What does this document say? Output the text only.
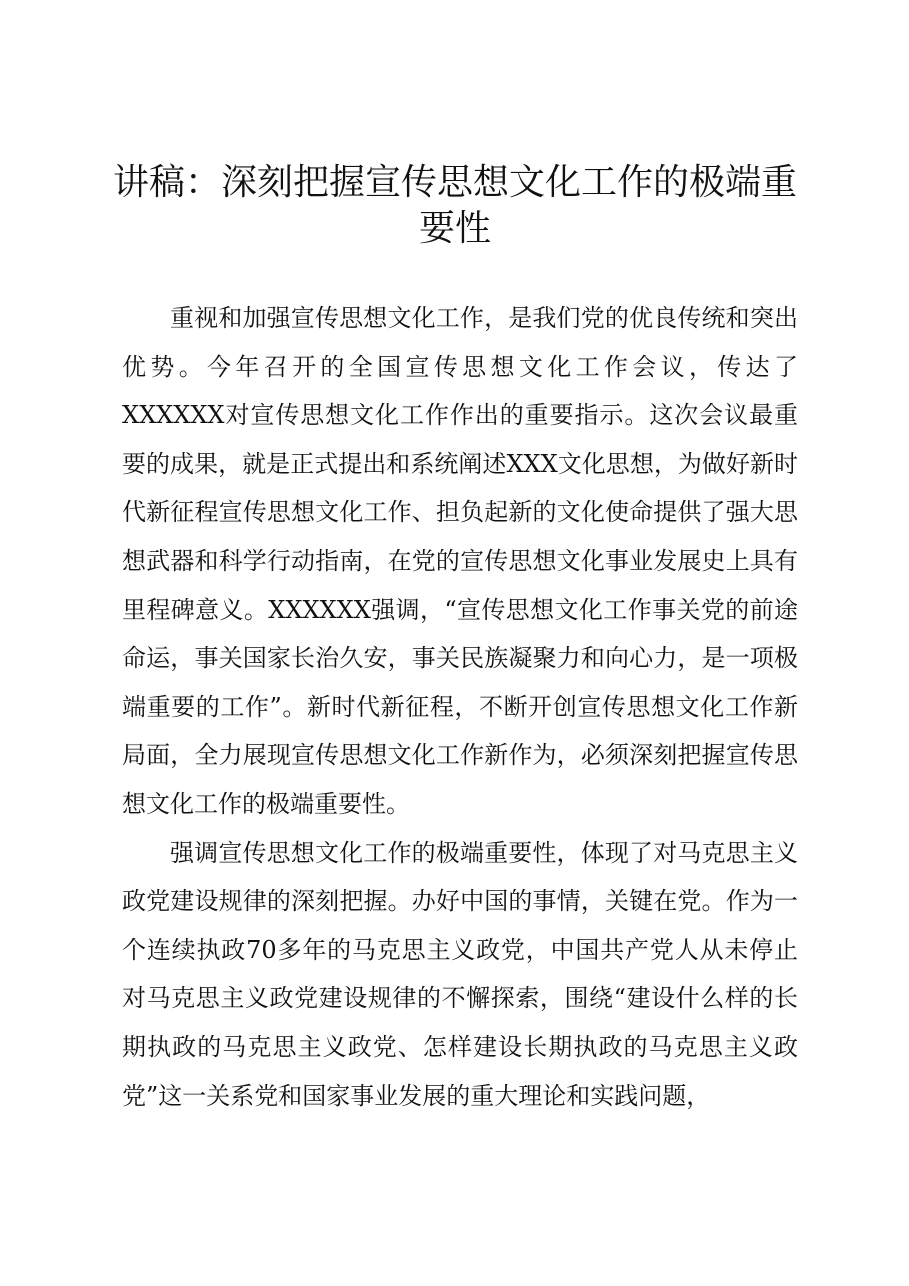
讲稿：深刻把握宣传思想文化工作的极端重要性

重视和加强宣传思想文化工作，是我们党的优良传统和突出优势。今年召开的全国宣传思想文化工作会议，传达了XXXXXX对宣传思想文化工作作出的重要指示。这次会议最重要的成果，就是正式提出和系统阐述XXX文化思想，为做好新时代新征程宣传思想文化工作、担负起新的文化使命提供了强大思想武器和科学行动指南，在党的宣传思想文化事业发展史上具有里程碑意义。XXXXXX强调，“宣传思想文化工作事关党的前途命运，事关国家长治久安，事关民族凝聚力和向心力，是一项极端重要的工作”。新时代新征程，不断开创宣传思想文化工作新局面，全力展现宣传思想文化工作新作为，必须深刻把握宣传思想文化工作的极端重要性。

强调宣传思想文化工作的极端重要性，体现了对马克思主义政党建设规律的深刻把握。办好中国的事情，关键在党。作为一个连续执政70多年的马克思主义政党，中国共产党人从未停止对马克思主义政党建设规律的不懈探索，围绕“建设什么样的长期执政的马克思主义政党、怎样建设长期执政的马克思主义政党”这一关系党和国家事业发展的重大理论和实践问题，
